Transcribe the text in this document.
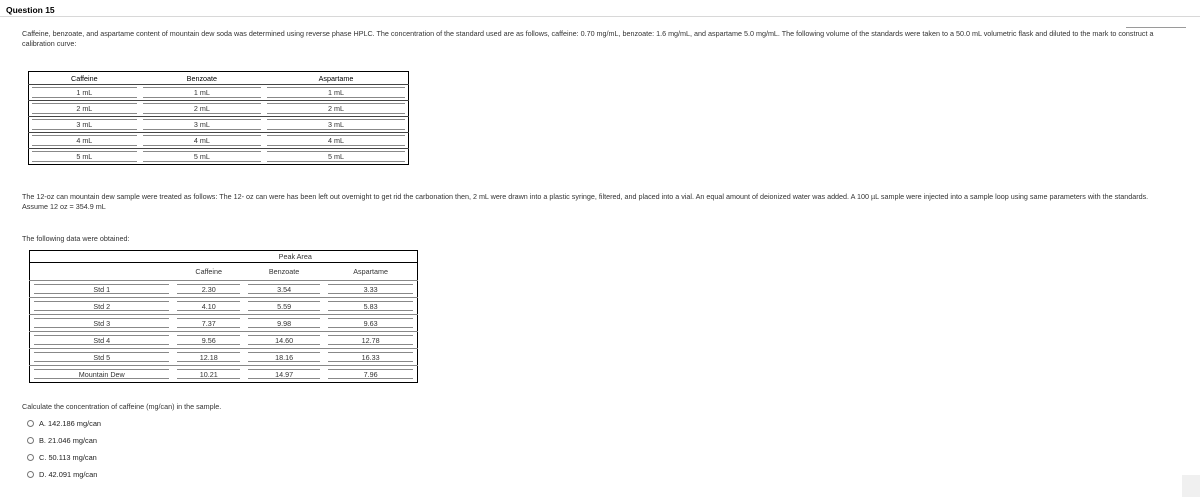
Question 15

Caffeine, benzoate, and aspartame content of mountain dew soda was determined using reverse phase HPLC. The concentration of the standard used are as follows, caffeine: 0.70 mg/mL, benzoate: 1.6 mg/mL, and aspartame 5.0 mg/mL. The following volume of the standards were taken to a 50.0 mL volumetric flask and diluted to the mark to construct a calibration curve:

Caffeine	Benzoate	Aspartame

1 mL	1 mL	1 mL

2 mL	2 mL	2 mL

3 mL	3 mL	3 mL

4 mL	4 mL	4 mL

5 mL	5 mL	5 mL

The 12-oz can mountain dew sample were treated as follows: The 12- oz can were has been left out overnight to get rid the carbonation then, 2 mL were drawn into a plastic syringe, filtered, and placed into a vial. An equal amount of deionized water was added. A 100 µL sample were injected into a sample loop using same parameters with the standards. Assume 12 oz = 354.9 mL

The following data were obtained:

	Peak Area		
	Caffeine	Benzoate	Aspartame

Std 1	2.30	3.54	3.33

Std 2	4.10	5.59	5.83

Std 3	7.37	9.98	9.63

Std 4	9.56	14.60	12.78

Std 5	12.18	18.16	16.33

Mountain Dew	10.21	14.97	7.96

Calculate the concentration of caffeine (mg/can) in the sample.

A. 142.186 mg/can
B. 21.046 mg/can
C. 50.113 mg/can
D. 42.091 mg/can
